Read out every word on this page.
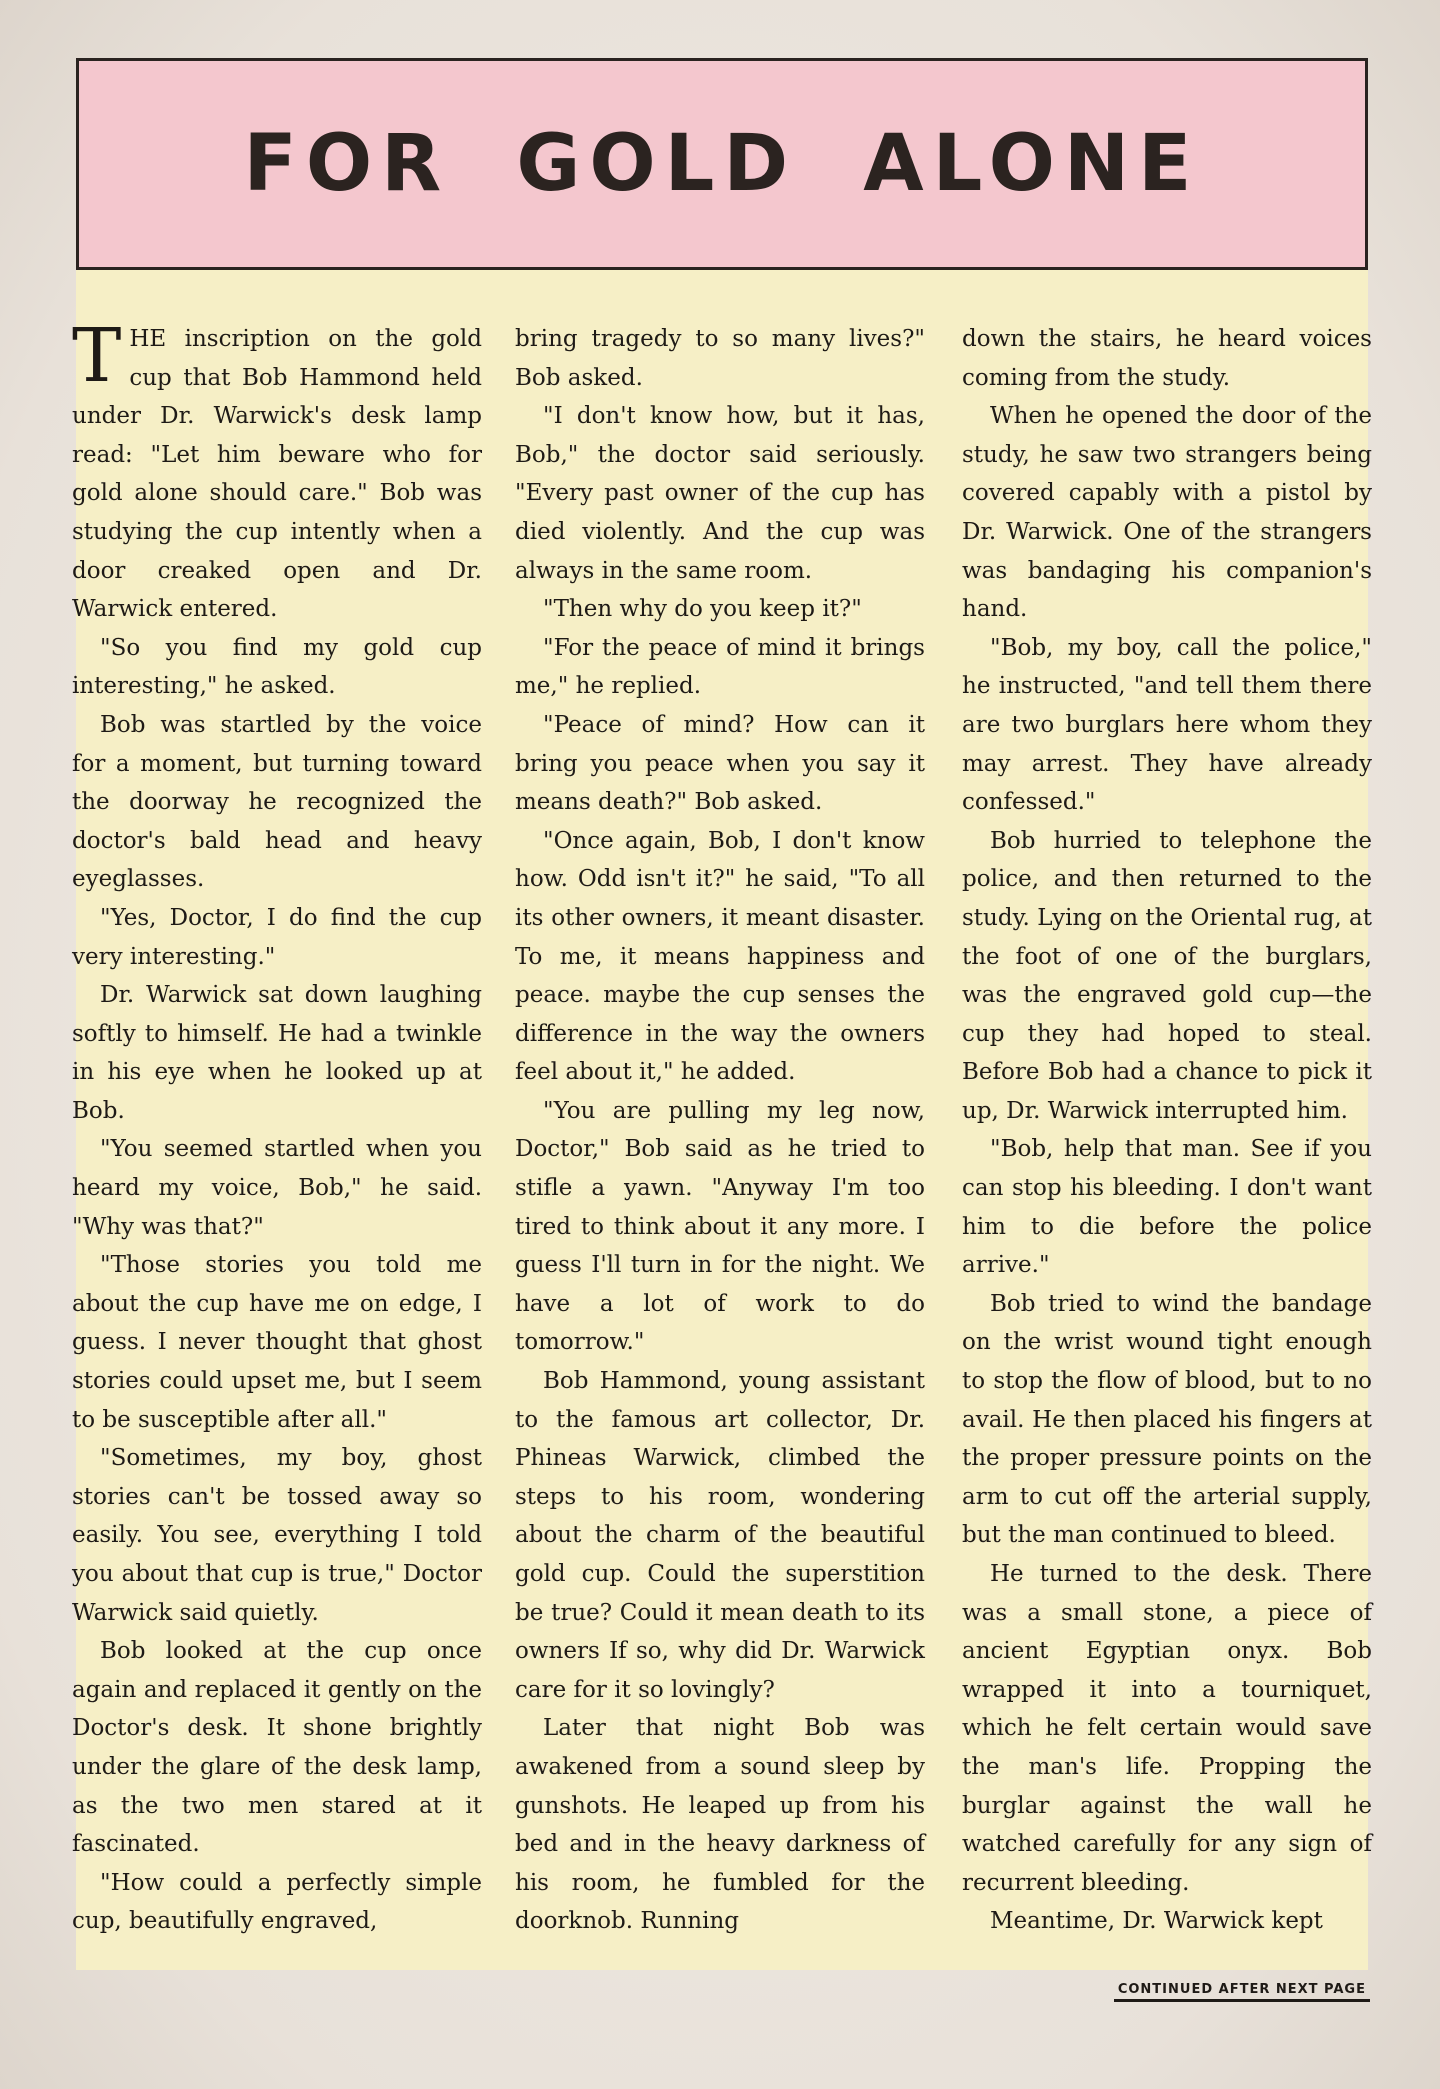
FOR GOLD ALONE

THE inscription on the gold cup that Bob Hammond held under Dr. Warwick's desk lamp read: "Let him beware who for gold alone should care." Bob was studying the cup intently when a door creaked open and Dr. Warwick entered.

"So you find my gold cup interesting," he asked.

Bob was startled by the voice for a moment, but turning toward the doorway he recognized the doctor's bald head and heavy eyeglasses.

"Yes, Doctor, I do find the cup very interesting."

Dr. Warwick sat down laughing softly to himself. He had a twinkle in his eye when he looked up at Bob.

"You seemed startled when you heard my voice, Bob," he said. "Why was that?"

"Those stories you told me about the cup have me on edge, I guess. I never thought that ghost stories could upset me, but I seem to be susceptible after all."

"Sometimes, my boy, ghost stories can't be tossed away so easily. You see, everything I told you about that cup is true," Doctor Warwick said quietly.

Bob looked at the cup once again and replaced it gently on the Doctor's desk. It shone brightly under the glare of the desk lamp, as the two men stared at it fascinated.

"How could a perfectly simple cup, beautifully engraved,

bring tragedy to so many lives?" Bob asked.

"I don't know how, but it has, Bob," the doctor said seriously. "Every past owner of the cup has died violently. And the cup was always in the same room.

"Then why do you keep it?"

"For the peace of mind it brings me," he replied.

"Peace of mind? How can it bring you peace when you say it means death?" Bob asked.

"Once again, Bob, I don't know how. Odd isn't it?" he said, "To all its other owners, it meant disaster. To me, it means happiness and peace. maybe the cup senses the difference in the way the owners feel about it," he added.

"You are pulling my leg now, Doctor," Bob said as he tried to stifle a yawn. "Anyway I'm too tired to think about it any more. I guess I'll turn in for the night. We have a lot of work to do tomorrow."

Bob Hammond, young assistant to the famous art collector, Dr. Phineas Warwick, climbed the steps to his room, wondering about the charm of the beautiful gold cup. Could the superstition be true? Could it mean death to its owners If so, why did Dr. Warwick care for it so lovingly?

Later that night Bob was awakened from a sound sleep by gunshots. He leaped up from his bed and in the heavy darkness of his room, he fumbled for the doorknob. Running

down the stairs, he heard voices coming from the study.

When he opened the door of the study, he saw two strangers being covered capably with a pistol by Dr. Warwick. One of the strangers was bandaging his companion's hand.

"Bob, my boy, call the police," he instructed, "and tell them there are two burglars here whom they may arrest. They have already confessed."

Bob hurried to telephone the police, and then returned to the study. Lying on the Oriental rug, at the foot of one of the burglars, was the engraved gold cup—the cup they had hoped to steal. Before Bob had a chance to pick it up, Dr. Warwick interrupted him.

"Bob, help that man. See if you can stop his bleeding. I don't want him to die before the police arrive."

Bob tried to wind the bandage on the wrist wound tight enough to stop the flow of blood, but to no avail. He then placed his fingers at the proper pressure points on the arm to cut off the arterial supply, but the man continued to bleed.

He turned to the desk. There was a small stone, a piece of ancient Egyptian onyx. Bob wrapped it into a tourniquet, which he felt certain would save the man's life. Propping the burglar against the wall he watched carefully for any sign of recurrent bleeding.

Meantime, Dr. Warwick kept

CONTINUED AFTER NEXT PAGE
